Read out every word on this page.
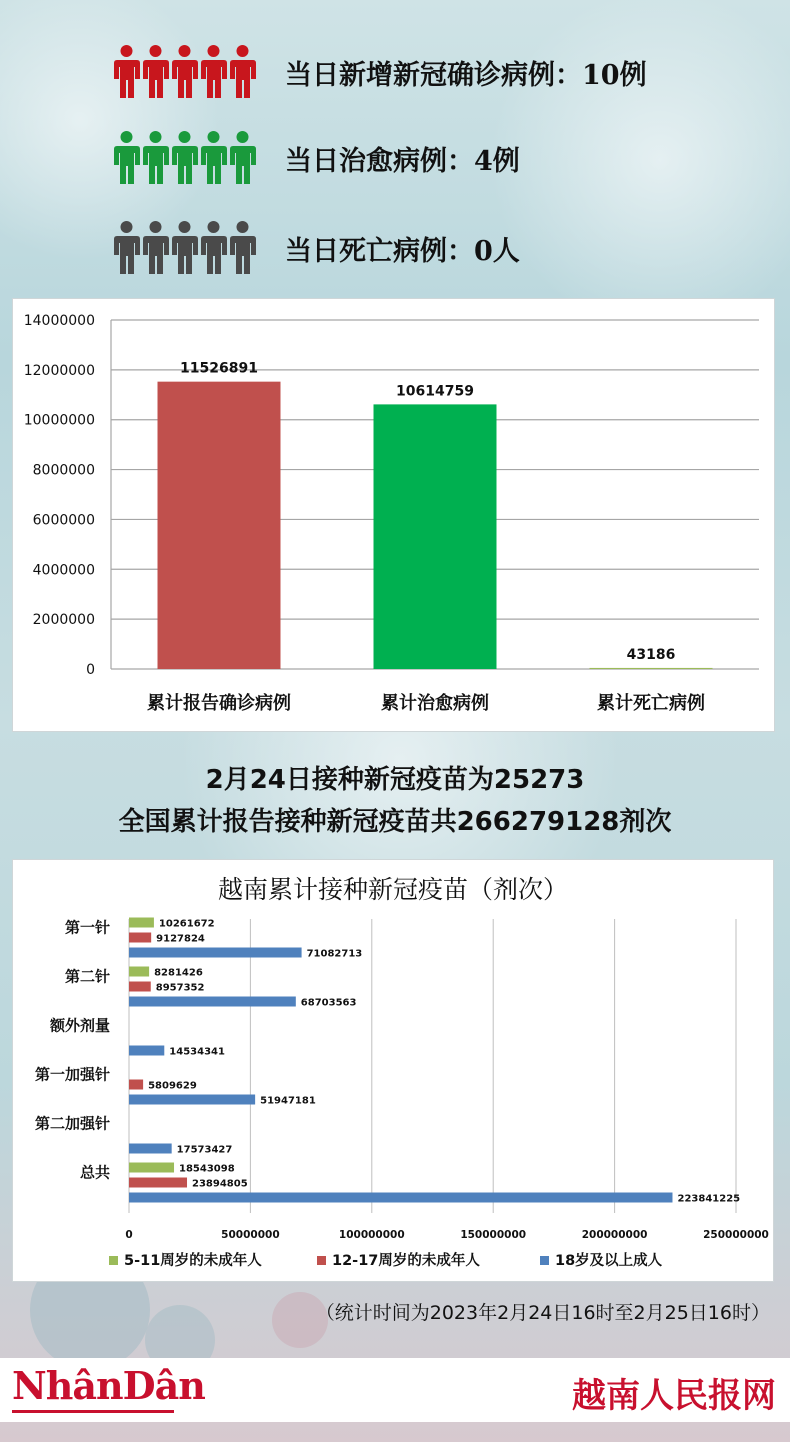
当日新增新冠确诊病例：10例
当日治愈病例：4例
当日死亡病例：0人
0
2000000
4000000
6000000
8000000
10000000
12000000
14000000
11526891
累计报告确诊病例
10614759
累计治愈病例
43186
累计死亡病例
2月24日接种新冠疫苗为25273
全国累计报告接种新冠疫苗共266279128剂次
越南累计接种新冠疫苗（剂次）
0	50000000	100000000	150000000	200000000	250000000
第一针	10261672
9127824
71082713
第二针	8281426
8957352
68703563
额外剂量
14534341
第一加强针
5809629
51947181
第二加强针
17573427
总共	18543098
23894805
223841225
5-11周岁的未成年人	12-17周岁的未成年人	18岁及以上成人
（统计时间为2023年2月24日16时至2月25日16时）
NhânDân	越南人民报网
